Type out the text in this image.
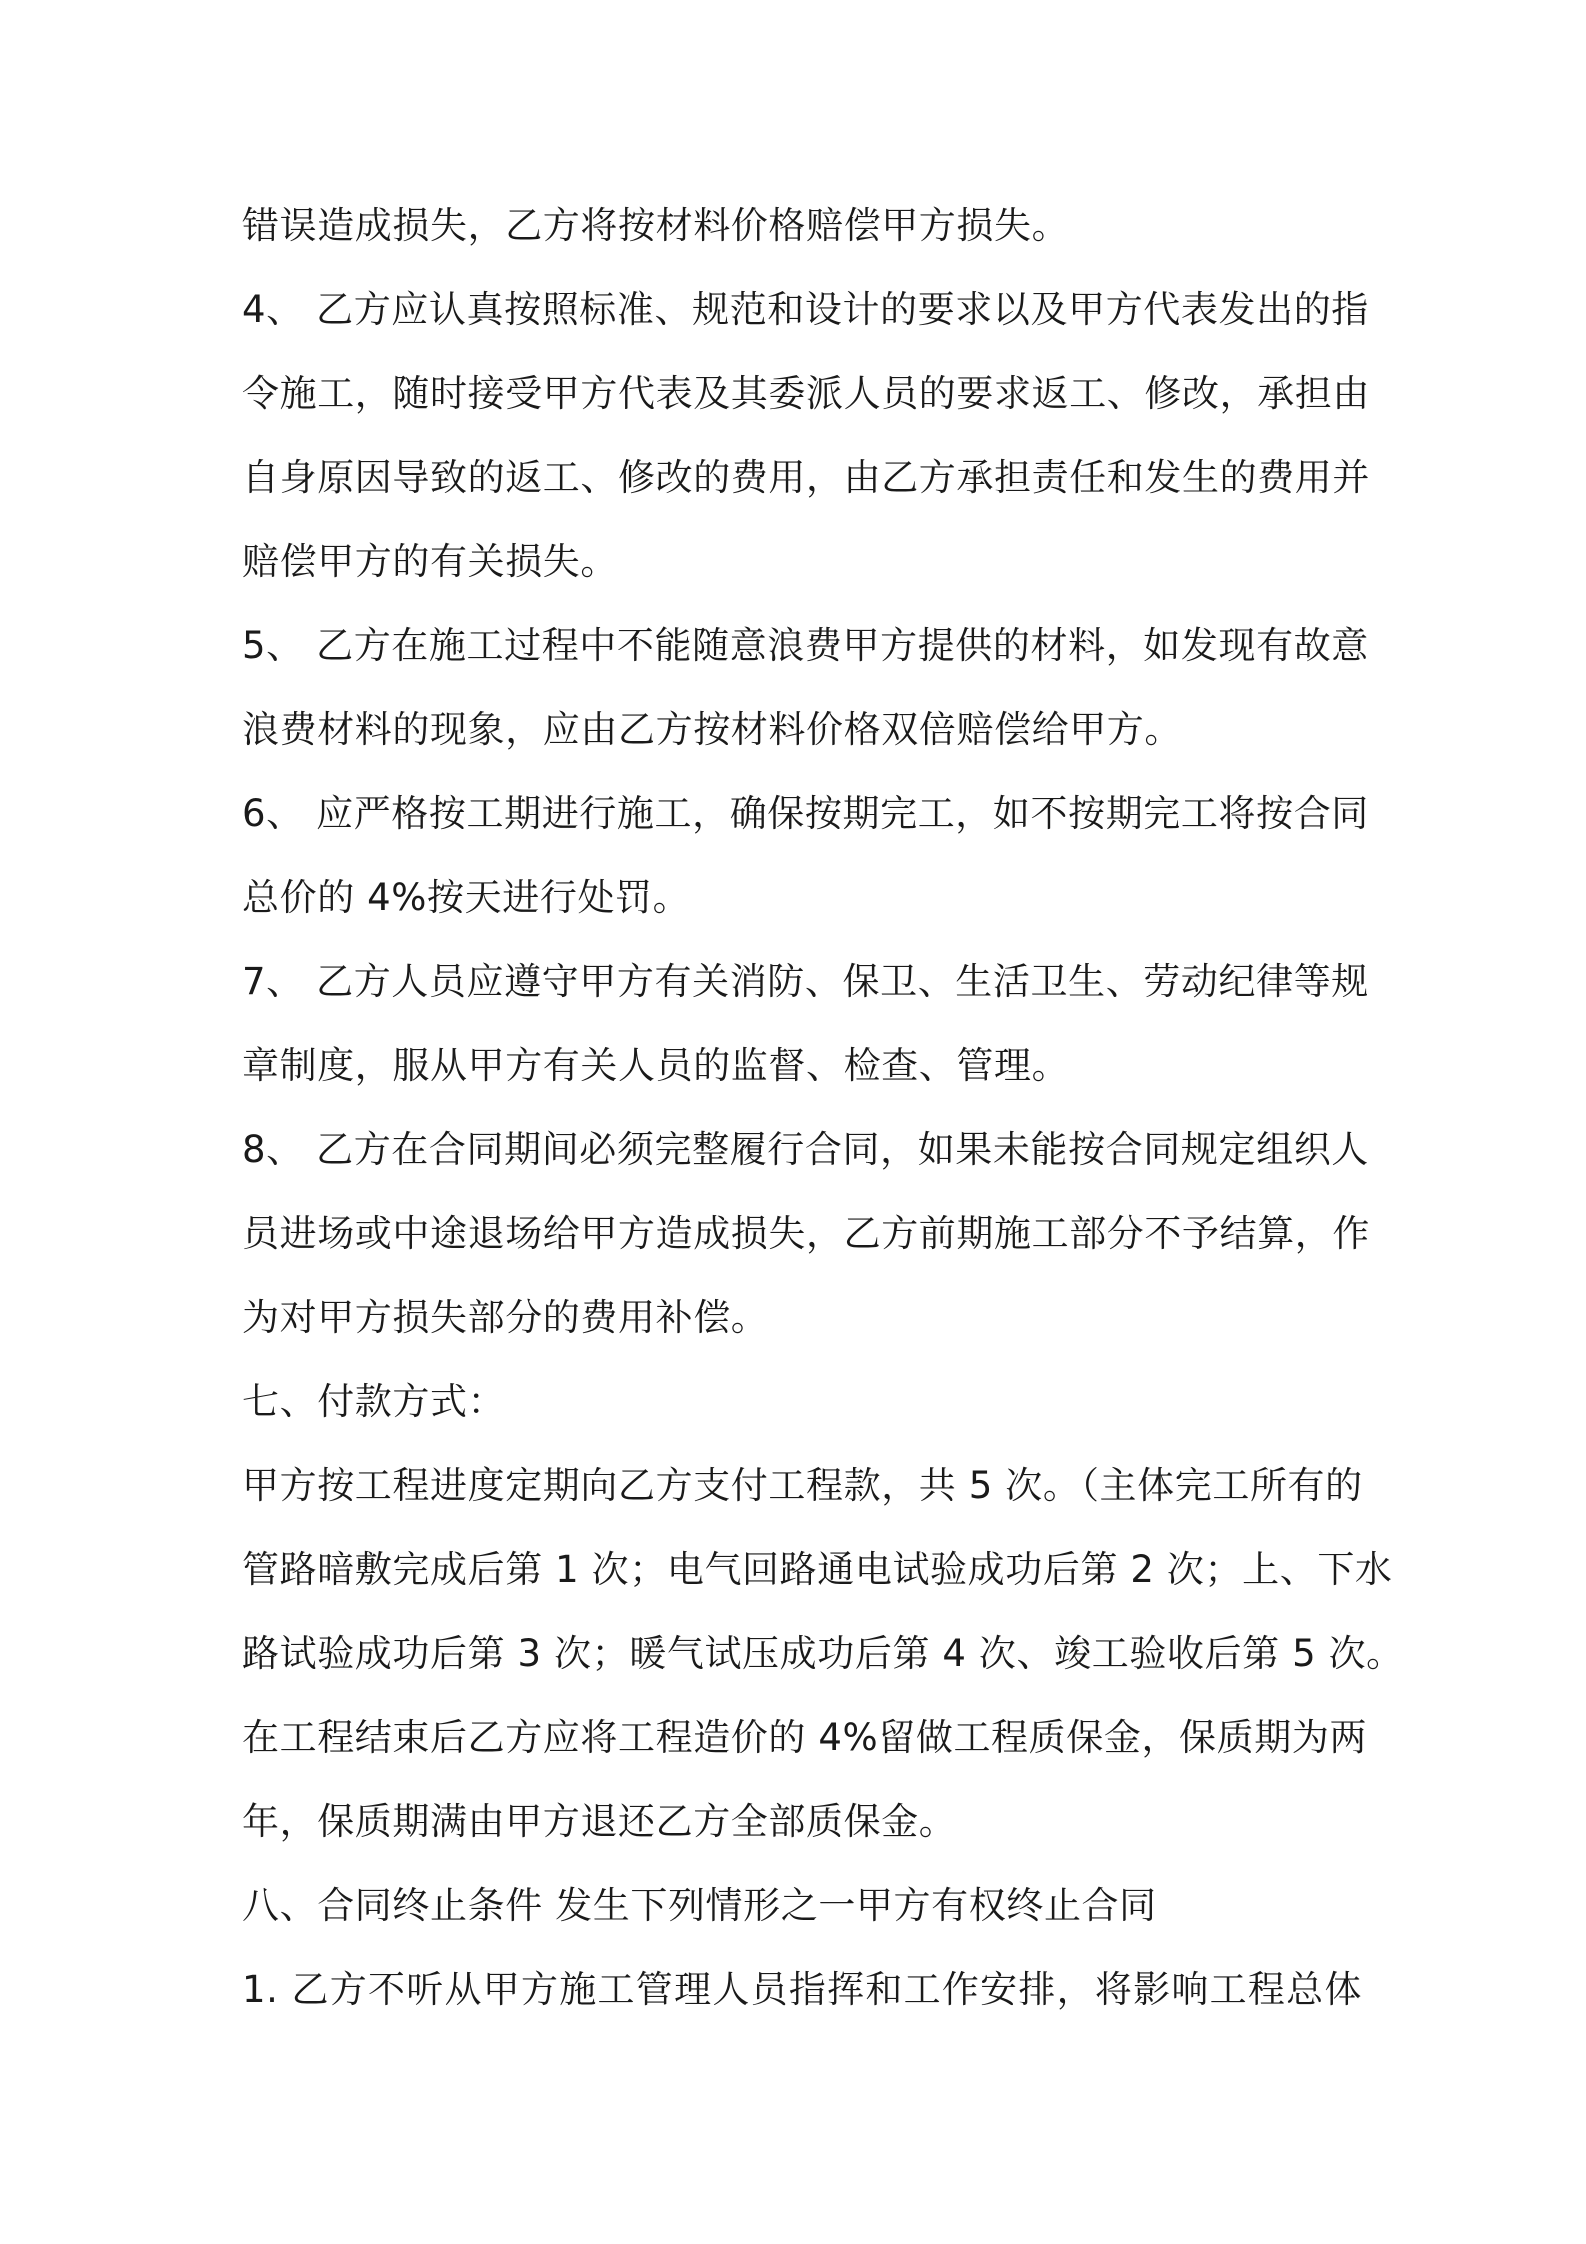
错误造成损失，乙方将按材料价格赔偿甲方损失。
4、 乙方应认真按照标准、规范和设计的要求以及甲方代表发出的指
令施工，随时接受甲方代表及其委派人员的要求返工、修改，承担由
自身原因导致的返工、修改的费用，由乙方承担责任和发生的费用并
赔偿甲方的有关损失。
5、 乙方在施工过程中不能随意浪费甲方提供的材料，如发现有故意
浪费材料的现象，应由乙方按材料价格双倍赔偿给甲方。
6、 应严格按工期进行施工，确保按期完工，如不按期完工将按合同
总价的 4%按天进行处罚。
7、 乙方人员应遵守甲方有关消防、保卫、生活卫生、劳动纪律等规
章制度，服从甲方有关人员的监督、检查、管理。
8、 乙方在合同期间必须完整履行合同，如果未能按合同规定组织人
员进场或中途退场给甲方造成损失，乙方前期施工部分不予结算，作
为对甲方损失部分的费用补偿。
七、付款方式：
甲方按工程进度定期向乙方支付工程款，共 5 次。（主体完工所有的
管路暗敷完成后第 1 次；电气回路通电试验成功后第 2 次；上、下水
路试验成功后第 3 次；暖气试压成功后第 4 次、竣工验收后第 5 次。
在工程结束后乙方应将工程造价的 4%留做工程质保金，保质期为两
年，保质期满由甲方退还乙方全部质保金。
八、合同终止条件 发生下列情形之一甲方有权终止合同
1. 乙方不听从甲方施工管理人员指挥和工作安排，将影响工程总体
